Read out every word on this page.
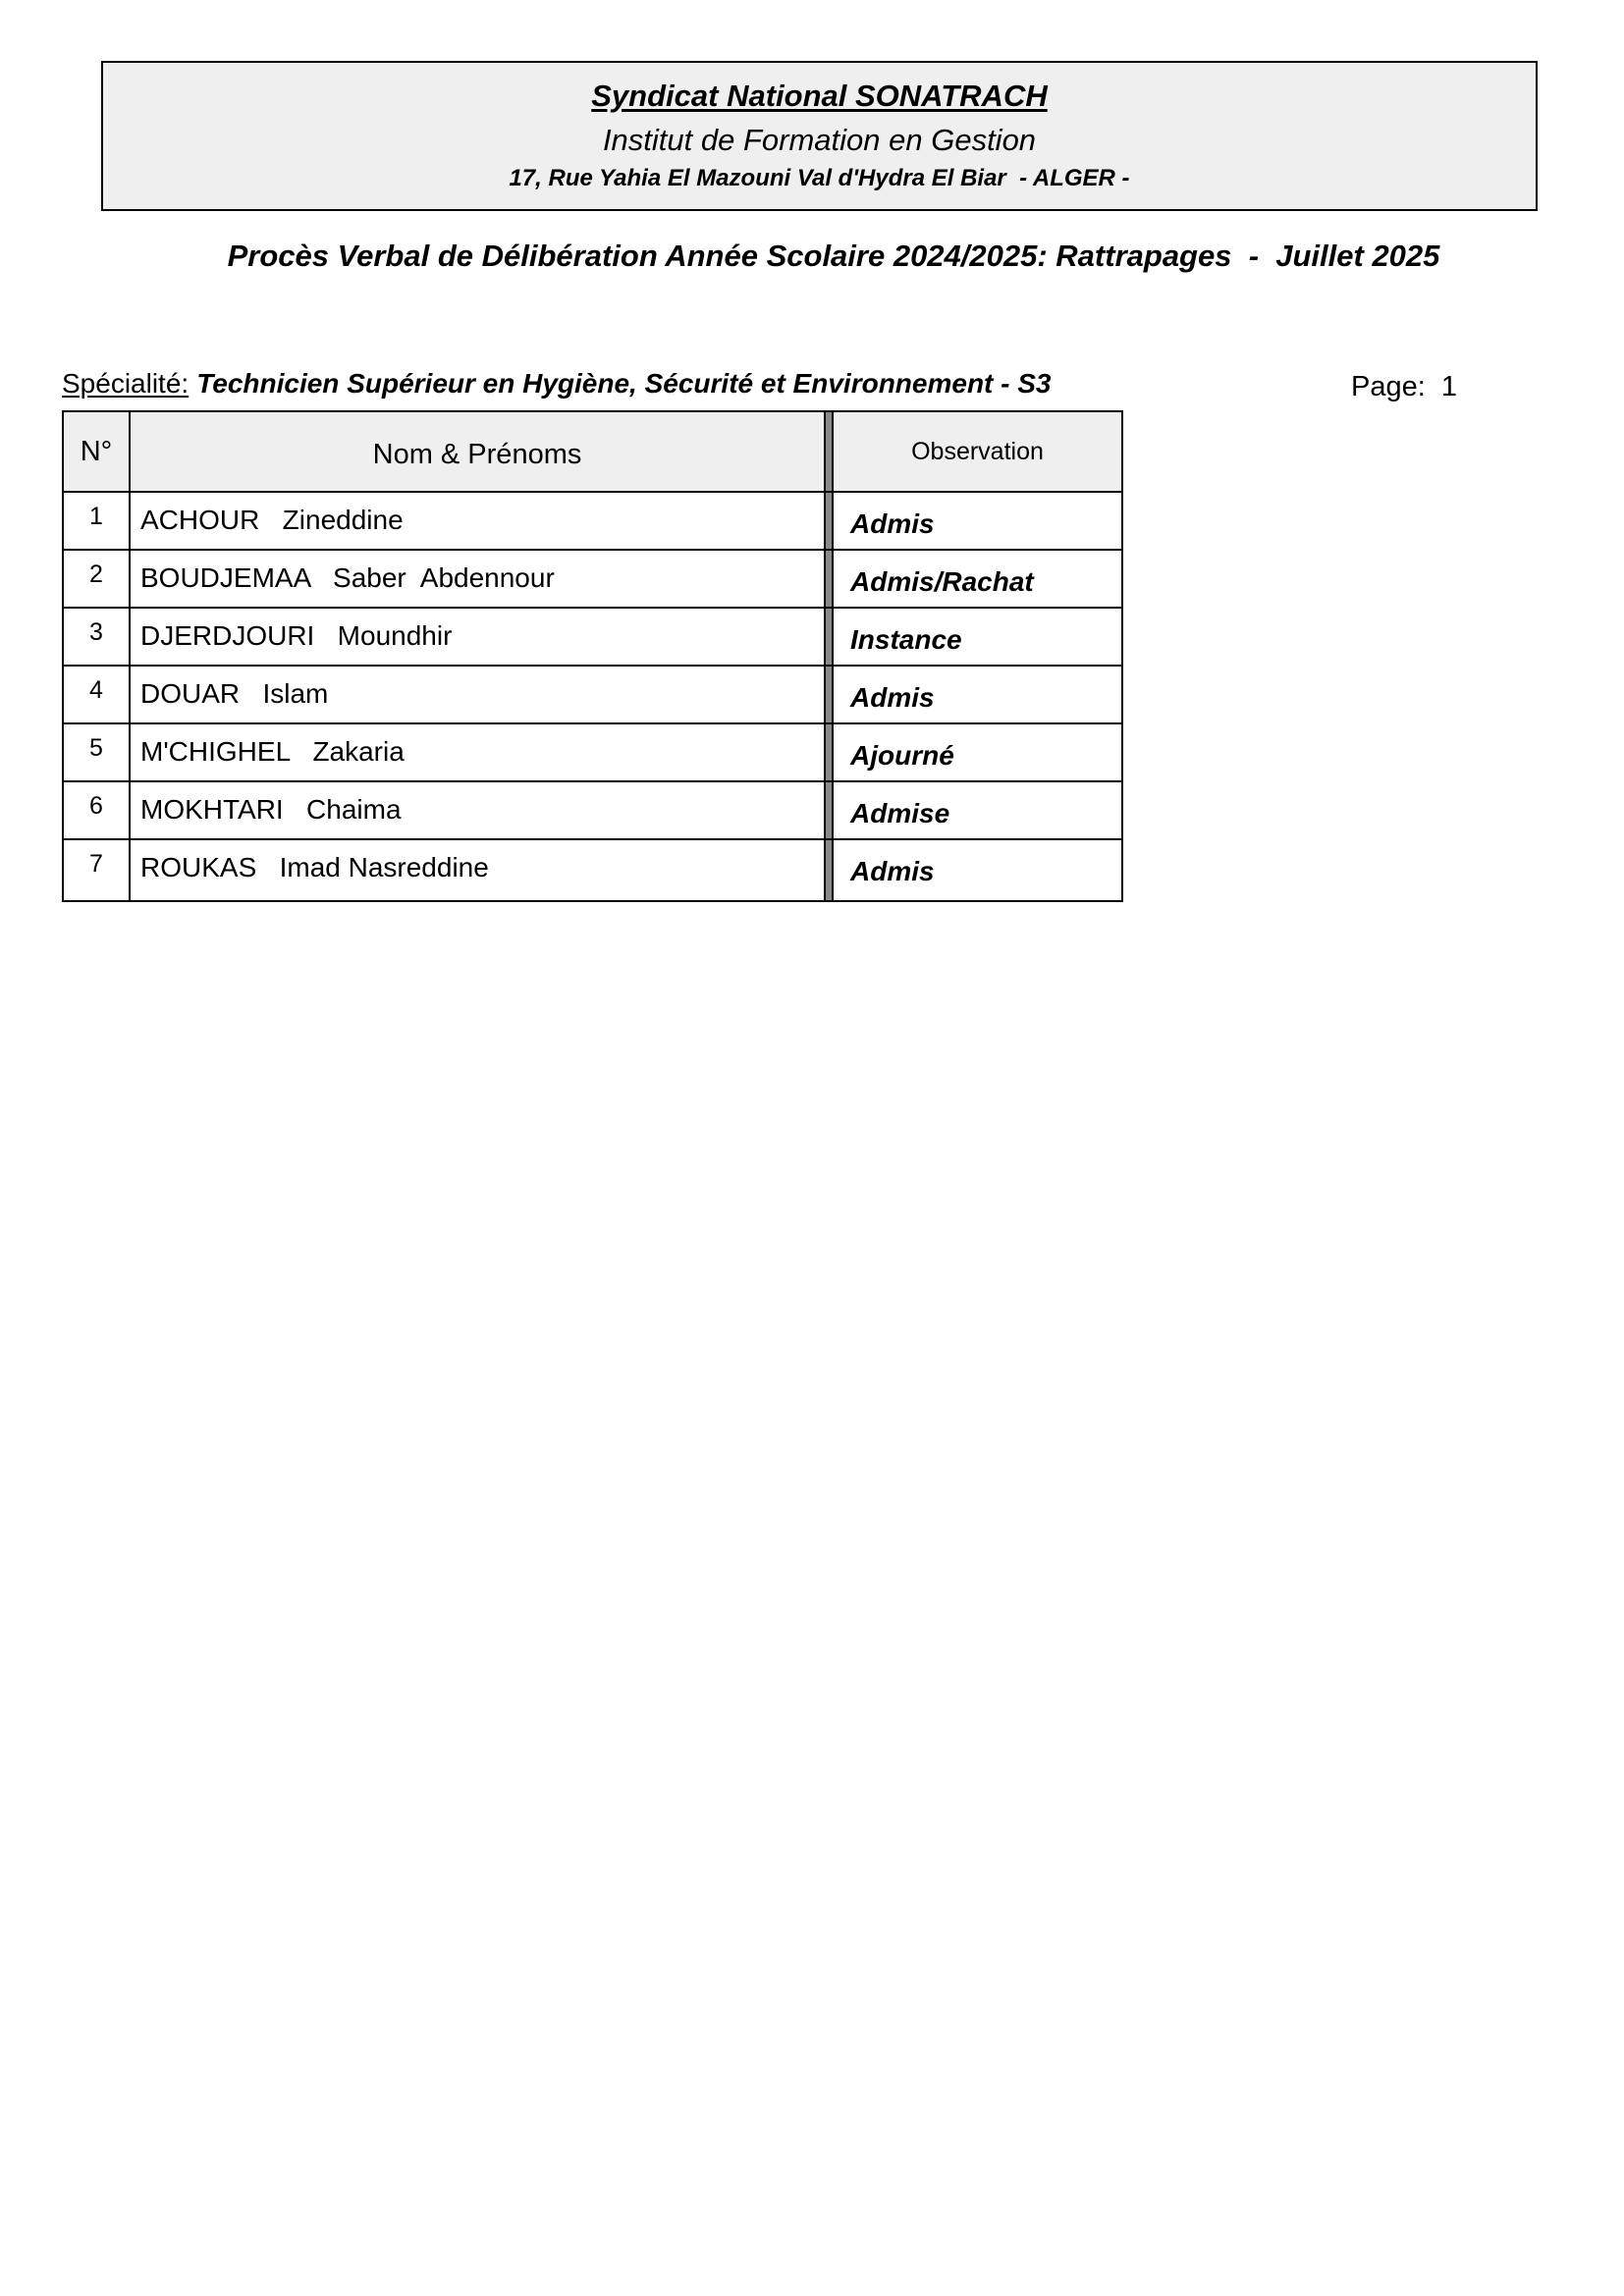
Syndicat National SONATRACH
Institut de Formation en Gestion
17, Rue Yahia El Mazouni Val d'Hydra El Biar  - ALGER -
Procès Verbal de Délibération Année Scolaire 2024/2025: Rattrapages  -  Juillet 2025
Spécialité: Technicien Supérieur en Hygiène, Sécurité et Environnement - S3	Page:  1
N°	Nom & Prénoms	Observation
1	ACHOUR   Zineddine	Admis
2	BOUDJEMAA   Saber  Abdennour	Admis/Rachat
3	DJERDJOURI   Moundhir	Instance
4	DOUAR   Islam	Admis
5	M'CHIGHEL   Zakaria	Ajourné
6	MOKHTARI   Chaima	Admise
7	ROUKAS   Imad Nasreddine	Admis
